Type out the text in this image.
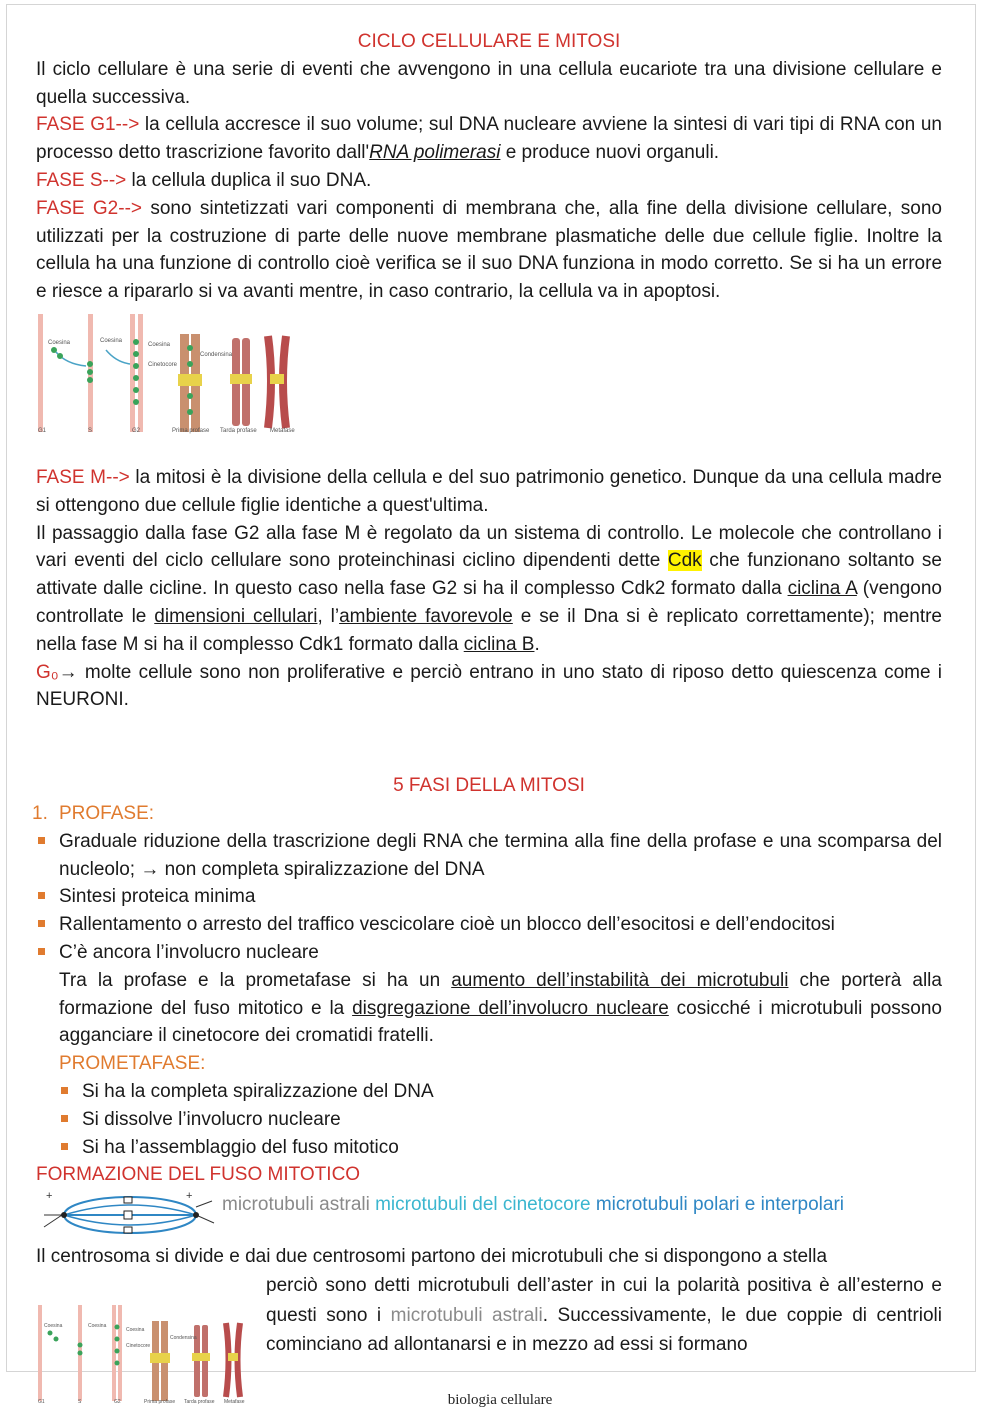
CICLO CELLULARE E MITOSI

Il ciclo cellulare è una serie di eventi che avvengono in una cellula eucariote tra una divisione cellulare e quella successiva.

FASE G1--> la cellula accresce il suo volume; sul DNA nucleare avviene la sintesi di vari tipi di RNA con un processo detto trascrizione favorito dall'RNA polimerasi e produce nuovi organuli.

FASE S--> la cellula duplica il suo DNA.

FASE G2--> sono sintetizzati vari componenti di membrana che, alla fine della divisione cellulare, sono utilizzati per la costruzione di parte delle nuove membrane plasmatiche delle due cellule figlie. Inoltre la cellula ha una funzione di controllo cioè verifica se il suo DNA funziona in modo corretto. Se si ha un errore e riesce a ripararlo si va avanti mentre, in caso contrario, la cellula va in apoptosi.

Coesina	Coesina
Coesina
Cinetocore
Condensina
G1	S	G2	Prima profase Tarda profase Metafase

FASE M--> la mitosi è la divisione della cellula e del suo patrimonio genetico. Dunque da una cellula madre si ottengono due cellule figlie identiche a quest'ultima.

Il passaggio dalla fase G2 alla fase M è regolato da un sistema di controllo. Le molecole che controllano i vari eventi del ciclo cellulare sono proteinchinasi ciclino dipendenti dette Cdk che funzionano soltanto se attivate dalle cicline. In questo caso nella fase G2 si ha il complesso Cdk2 formato dalla ciclina A (vengono controllate le dimensioni cellulari, l’ambiente favorevole e se il Dna si è replicato correttamente); mentre nella fase M si ha il complesso Cdk1 formato dalla ciclina B.

G₀→ molte cellule sono non proliferative e perciò entrano in uno stato di riposo detto quiescenza come i NEURONI.

5 FASI DELLA MITOSI

1. PROFASE:
Graduale riduzione della trascrizione degli RNA che termina alla fine della profase e una scomparsa del nucleolo; → non completa spiralizzazione del DNA
Sintesi proteica minima
Rallentamento o arresto del traffico vescicolare cioè un blocco dell’esocitosi e dell’endocitosi
C’è ancora l’involucro nucleare

Tra la profase e la prometafase si ha un aumento dell’instabilità dei microtubuli che porterà alla formazione del fuso mitotico e la disgregazione dell’involucro nucleare cosicché i microtubuli possono agganciare il cinetocore dei cromatidi fratelli.

PROMETAFASE:

Si ha la completa spiralizzazione del DNA
Si dissolve l’involucro nucleare
Si ha l’assemblaggio del fuso mitotico

FORMAZIONE DEL FUSO MITOTICO

+	+ microtubuli astrali microtubuli del cinetocore microtubuli polari e interpolari

Il centrosoma si divide e dai due centrosomi partono dei microtubuli che si dispongono a stella

Coesina	Coesina
Coesina
Cinetocore
Condensina
G1	S	G2	Prima profase Tarda profase Metafase

perciò sono detti microtubuli dell’aster in cui la polarità positiva è all’esterno e questi sono i microtubuli astrali. Successivamente, le due coppie di centrioli cominciano ad allontanarsi e in mezzo ad essi si formano

biologia cellulare
